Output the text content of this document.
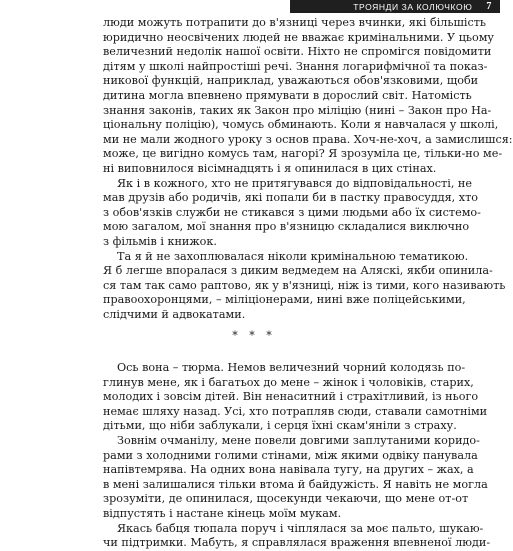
ТРОЯНДИ ЗА КОЛЮЧКОЮ 7
люди можуть потрапити до в'язниці через вчинки, які більшість
юридично неосвічених людей не вважає кримінальними. У цьому
величезний недолік нашої освіти. Ніхто не спромігся повідомити
дітям у школі найпростіші речі. Знання логарифмічної та показ-
никової функцій, наприклад, уважаються обов'язковими, щоби
дитина могла впевнено прямувати в дорослий світ. Натомість
знання законів, таких як Закон про міліцію (нині – Закон про На-
ціональну поліцію), чомусь обминають. Коли я навчалася у школі,
ми не мали жодного уроку з основ права. Хоч-не-хоч, а замислишся:
може, це вигідно комусь там, нагорі? Я зрозуміла це, тільки-но ме-
ні виповнилося вісімнадцять і я опинилася в цих стінах.
Як і в кожного, хто не притягувався до відповідальності, не
мав друзів або родичів, які попали би в пастку правосуддя, хто
з обов'язків служби не стикався з цими людьми або їх системо-
мою загалом, мої знання про в'язницю складалися виключно
з фільмів і книжок.
Та я й не захоплювалася ніколи кримінальною тематикою.
Я б легше впоралася з диким ведмедем на Аляскі, якби опинила-
ся там так само раптово, як у в'язниці, ніж із тими, кого називають
правоохоронцями, – міліціонерами, нині вже поліцейськими,
слідчими й адвокатами.
* * *
Ось вона – тюрма. Немов величезний чорний колодязь по-
глинув мене, як і багатьох до мене – жінок і чоловіків, старих,
молодих і зовсім дітей. Він ненаситний і страхітливий, із нього
немає шляху назад. Усі, хто потрапляв сюди, ставали самотніми
дітьми, що ніби заблукали, і серця їхні скам'яніли з страху.
Зовнім очманілу, мене повели довгими заплутаними коридо-
рами з холодними голими стінами, між якими одвіку панувала
напівтемрява. На одних вона навівала тугу, на других – жах, а
в мені залишалися тільки втома й байдужість. Я навіть не могла
зрозуміти, де опинилася, щосекунди чекаючи, що мене от-от
відпустять і настане кінець моїм мукам.
Якась бабця тюпала поруч і чіплялася за моє пальто, шукаю-
чи підтримки. Мабуть, я справлялася враження впевненої люди-
